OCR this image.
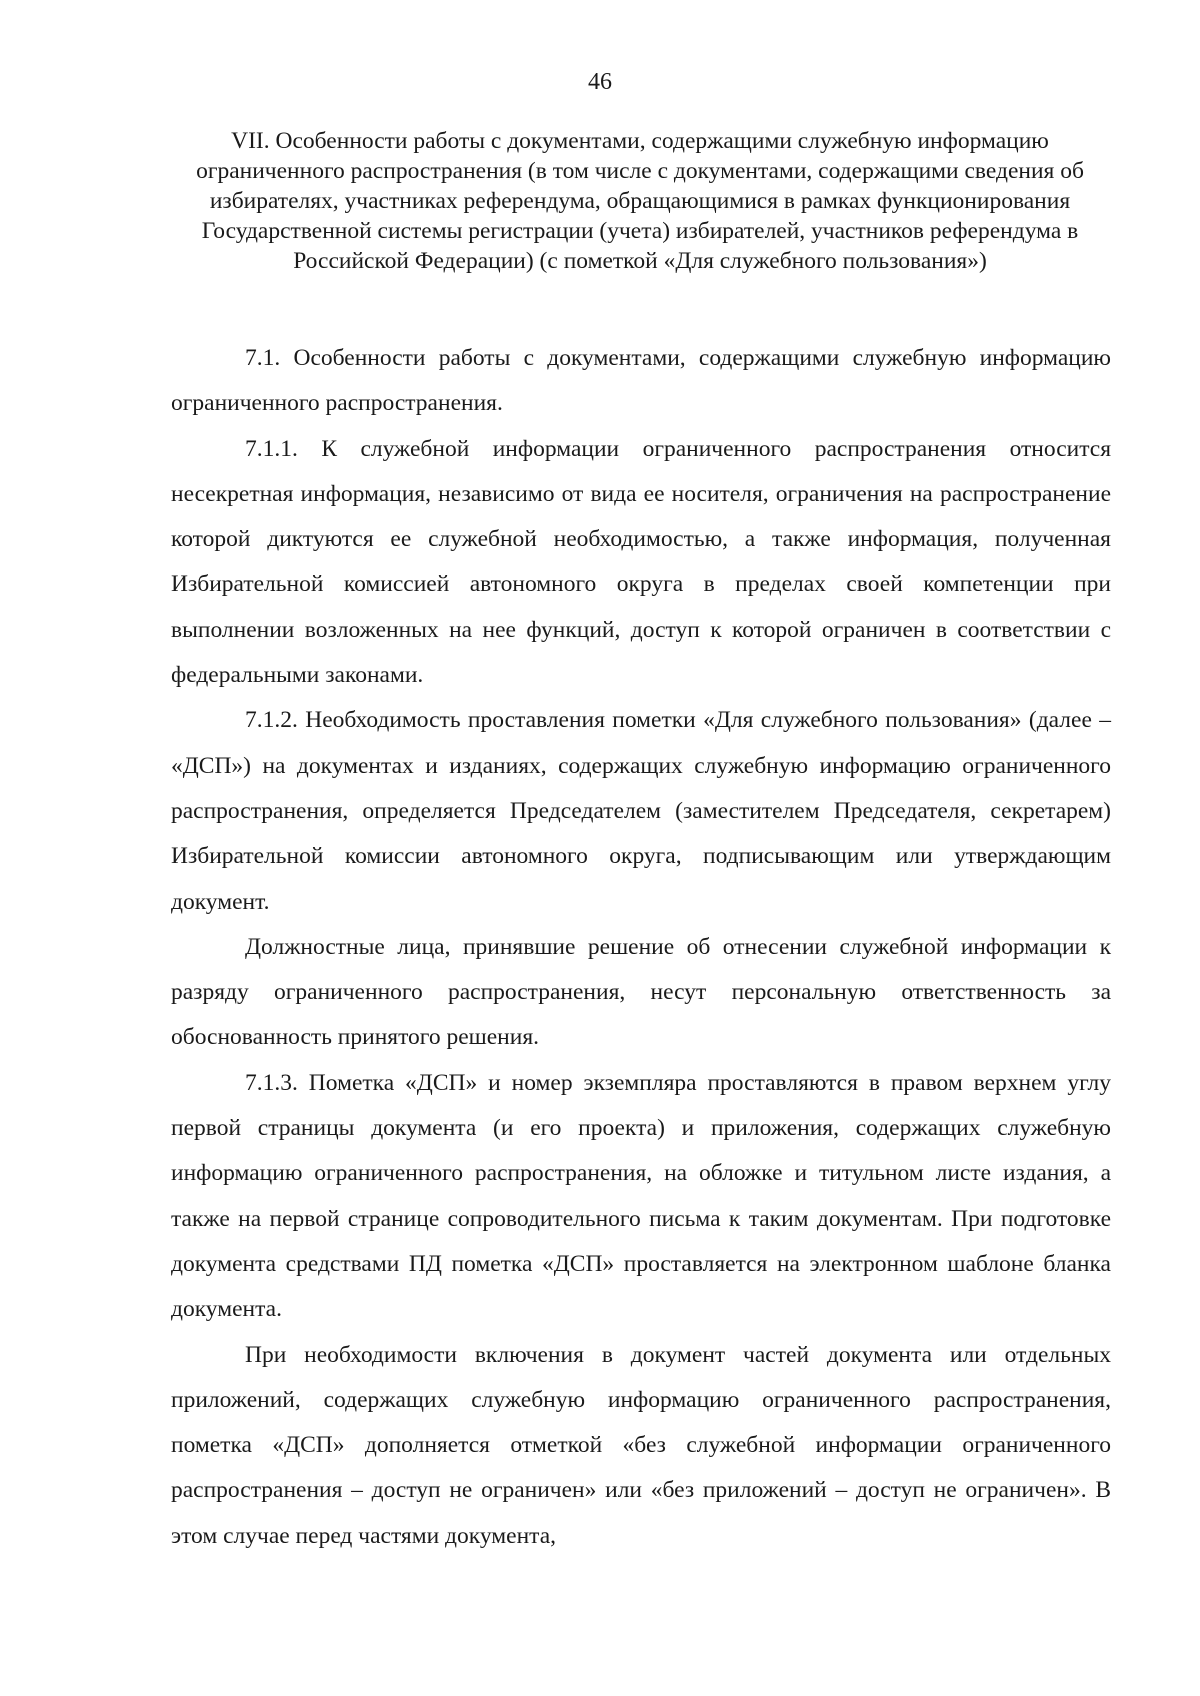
46
VII. Особенности работы с документами, содержащими служебную информацию ограниченного распространения (в том числе с документами, содержащими сведения об избирателях, участниках референдума, обращающимися в рамках функционирования Государственной системы регистрации (учета) избирателей, участников референдума в Российской Федерации) (с пометкой «Для служебного пользования»)

7.1. Особенности работы с документами, содержащими служебную информацию ограниченного распространения.

7.1.1. К служебной информации ограниченного распространения относится несекретная информация, независимо от вида ее носителя, ограничения на распространение которой диктуются ее служебной необходимостью, а также информация, полученная Избирательной комиссией автономного округа в пределах своей компетенции при выполнении возложенных на нее функций, доступ к которой ограничен в соответствии с федеральными законами.

7.1.2. Необходимость проставления пометки «Для служебного пользования» (далее – «ДСП») на документах и изданиях, содержащих служебную информацию ограниченного распространения, определяется Председателем (заместителем Председателя, секретарем) Избирательной комиссии автономного округа, подписывающим или утверждающим документ.

Должностные лица, принявшие решение об отнесении служебной информации к разряду ограниченного распространения, несут персональную ответственность за обоснованность принятого решения.

7.1.3. Пометка «ДСП» и номер экземпляра проставляются в правом верхнем углу первой страницы документа (и его проекта) и приложения, содержащих служебную информацию ограниченного распространения, на обложке и титульном листе издания, а также на первой странице сопроводительного письма к таким документам. При подготовке документа средствами ПД пометка «ДСП» проставляется на электронном шаблоне бланка документа.

При необходимости включения в документ частей документа или отдельных приложений, содержащих служебную информацию ограниченного распространения, пометка «ДСП» дополняется отметкой «без служебной информации ограниченного распространения – доступ не ограничен» или «без приложений – доступ не ограничен». В этом случае перед частями документа,
